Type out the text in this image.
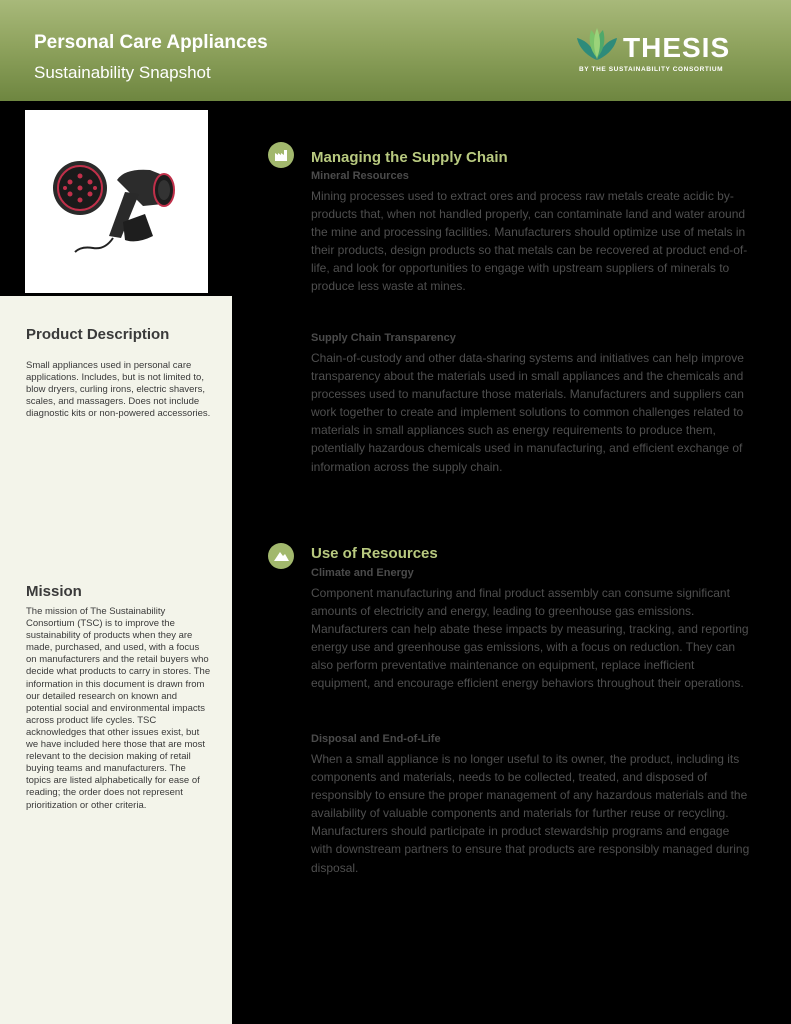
Personal Care Appliances
Sustainability Snapshot
THESIS
BY THE SUSTAINABILITY CONSORTIUM
Product Description

Small appliances used in personal care applications. Includes, but is not limited to, blow dryers, curling irons, electric shavers, scales, and massagers. Does not include diagnostic kits or non-powered accessories.

Mission

The mission of The Sustainability Consortium (TSC) is to improve the sustainability of products when they are made, purchased, and used, with a focus on manufacturers and the retail buyers who decide what products to carry in stores. The information in this document is drawn from our detailed research on known and potential social and environmental impacts across product life cycles. TSC acknowledges that other issues exist, but we have included here those that are most relevant to the decision making of retail buying teams and manufacturers. The topics are listed alphabetically for ease of reading; the order does not represent prioritization or other criteria.

Managing the Supply Chain
Mineral Resources

Mining processes used to extract ores and process raw metals create acidic by-products that, when not handled properly, can contaminate land and water around the mine and processing facilities. Manufacturers should optimize use of metals in their products, design products so that metals can be recovered at product end-of-life, and look for opportunities to engage with upstream suppliers of minerals to produce less waste at mines.

Supply Chain Transparency

Chain-of-custody and other data-sharing systems and initiatives can help improve transparency about the materials used in small appliances and the chemicals and processes used to manufacture those materials. Manufacturers and suppliers can work together to create and implement solutions to common challenges related to materials in small appliances such as energy requirements to produce them, potentially hazardous chemicals used in manufacturing, and efficient exchange of information across the supply chain.

Use of Resources
Climate and Energy

Component manufacturing and final product assembly can consume significant amounts of electricity and energy, leading to greenhouse gas emissions. Manufacturers can help abate these impacts by measuring, tracking, and reporting energy use and greenhouse gas emissions, with a focus on reduction. They can also perform preventative maintenance on equipment, replace inefficient equipment, and encourage efficient energy behaviors throughout their operations.

Disposal and End-of-Life

When a small appliance is no longer useful to its owner, the product, including its components and materials, needs to be collected, treated, and disposed of responsibly to ensure the proper management of any hazardous materials and the availability of valuable components and materials for further reuse or recycling. Manufacturers should participate in product stewardship programs and engage with downstream partners to ensure that products are responsibly managed during disposal.
